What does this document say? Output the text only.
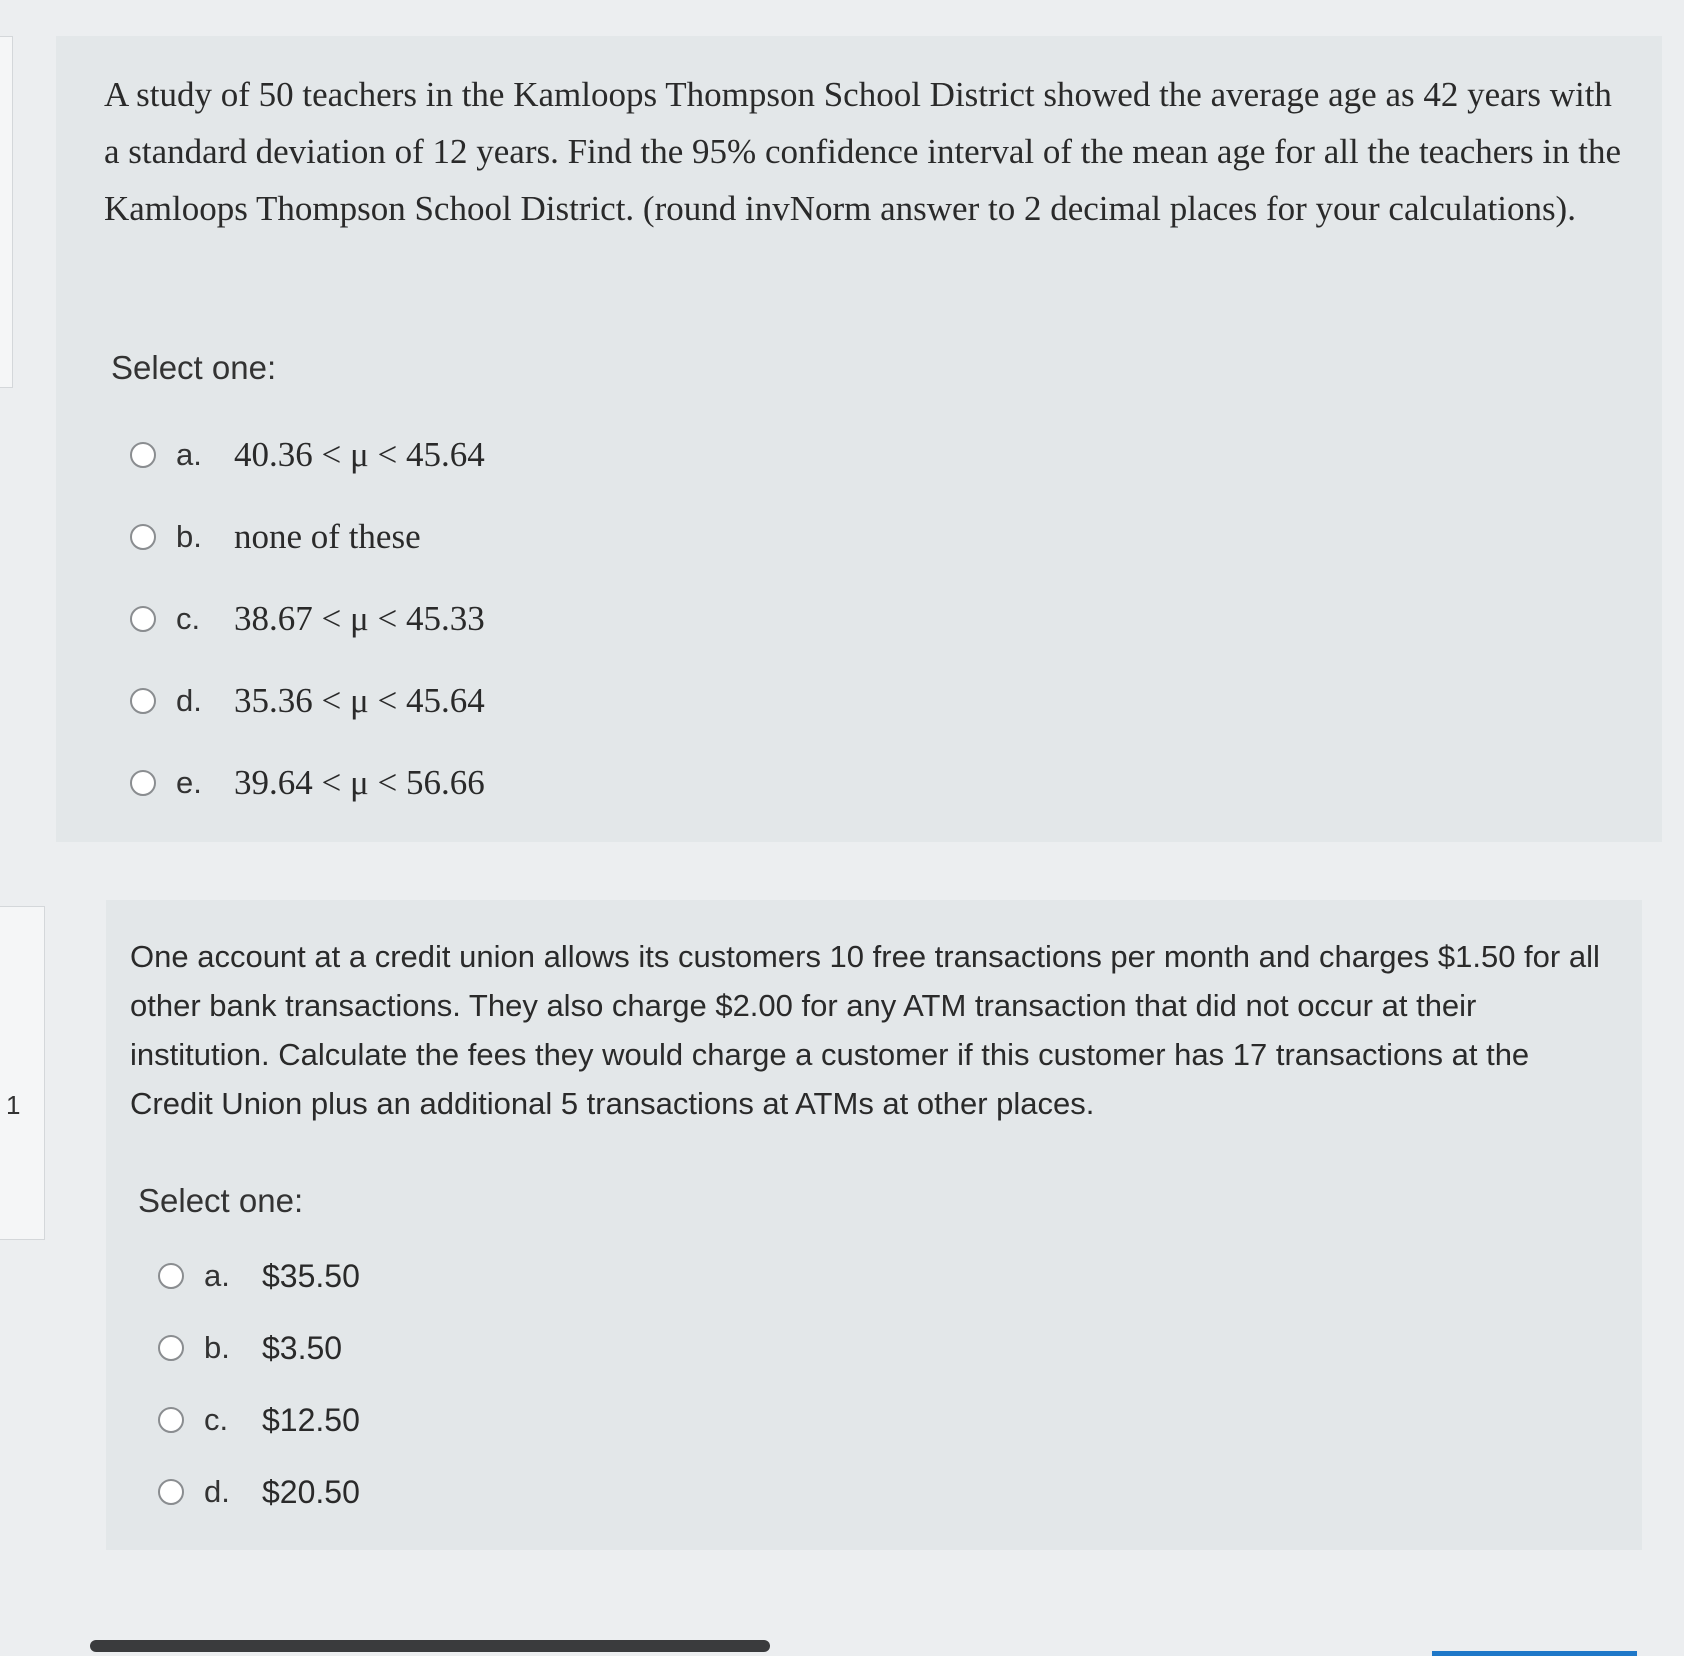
1

A study of 50 teachers in the Kamloops Thompson School District showed the average age as 42 years with a standard deviation of 12 years. Find the 95% confidence interval of the mean age for all the teachers in the Kamloops Thompson School District. (round invNorm answer to 2 decimal places for your calculations).

Select one:
a. 40.36 < μ < 45.64
b. none of these
c. 38.67 < μ < 45.33
d. 35.36 < μ < 45.64
e. 39.64 < μ < 56.66

One account at a credit union allows its customers 10 free transactions per month and charges $1.50 for all other bank transactions. They also charge $2.00 for any ATM transaction that did not occur at their institution. Calculate the fees they would charge a customer if this customer has 17 transactions at the Credit Union plus an additional 5 transactions at ATMs at other places.

Select one:
a.	$35.50
b.	$3.50
c.	$12.50
d.	$20.50
